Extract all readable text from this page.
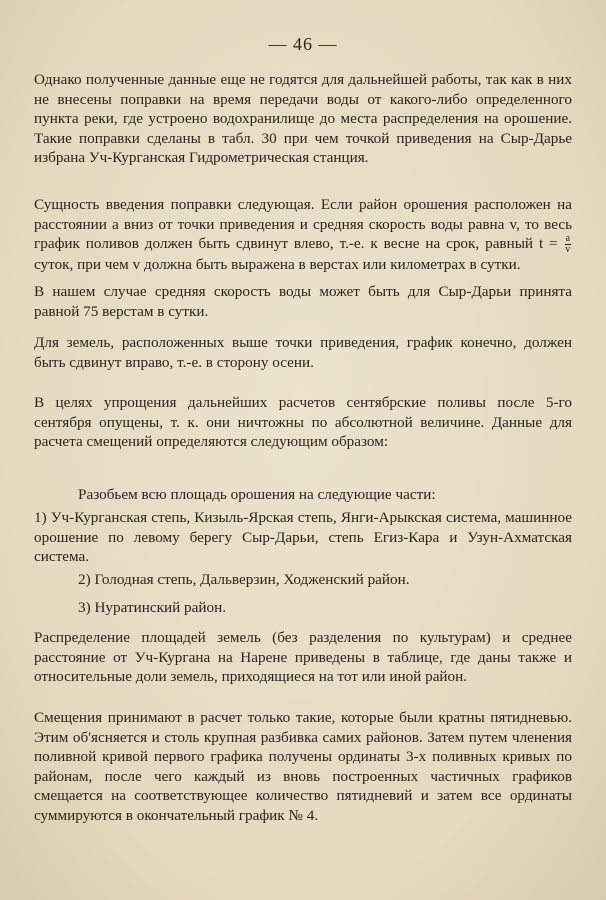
— 46 —

Однако полученные данные еще не годятся для дальнейшей работы, так как в них не внесены поправки на время передачи воды от какого-либо определенного пункта реки, где устроено водохранилище до места распределения на орошение. Такие поправки сделаны в табл. 30 при чем точкой приведения на Сыр-Дарье избрана Уч-Курганская Гидрометрическая станция.

Сущность введения поправки следующая. Если район орошения расположен на расстоянии а вниз от точки приведения и средняя скорость воды равна v, то весь график поливов должен быть сдвинут влево, т.-е. к весне на срок, равный $t = \frac{a}{v}$
суток, при чем v должна быть выражена в верстах или километрах в сутки.

В нашем случае средняя скорость воды может быть для Сыр-Дарьи принята равной 75 верстам в сутки.

Для земель, расположенных выше точки приведения, график конечно, должен быть сдвинут вправо, т.-е. в сторону осени.

В целях упрощения дальнейших расчетов сентябрские поливы после 5-го сентября опущены, т. к. они ничтожны по абсолютной величине. Данные для расчета смещений определяются следующим образом:

Разобьем всю площадь орошения на следующие части:

1) Уч-Курганская степь, Кизыль-Ярская степь, Янги-Арыкская система, машинное орошение по левому берегу Сыр-Дарьи, степь Егиз-Кара и Узун-Ахматская система.

2) Голодная степь, Дальверзин, Ходженский район.

3) Нуратинский район.

Распределение площадей земель (без разделения по культурам) и среднее расстояние от Уч-Кургана на Нарене приведены в таблице, где даны также и относительные доли земель, приходящиеся на тот или иной район.

Смещения принимают в расчет только такие, которые были кратны пятидневью. Этим об'ясняется и столь крупная разбивка самих районов. Затем путем членения поливной кривой первого графика получены ординаты 3-х поливных кривых по районам, после чего каждый из вновь построенных частичных графиков смещается на соответствующее количество пятидневий и затем все ординаты суммируются в окончательный график № 4.
